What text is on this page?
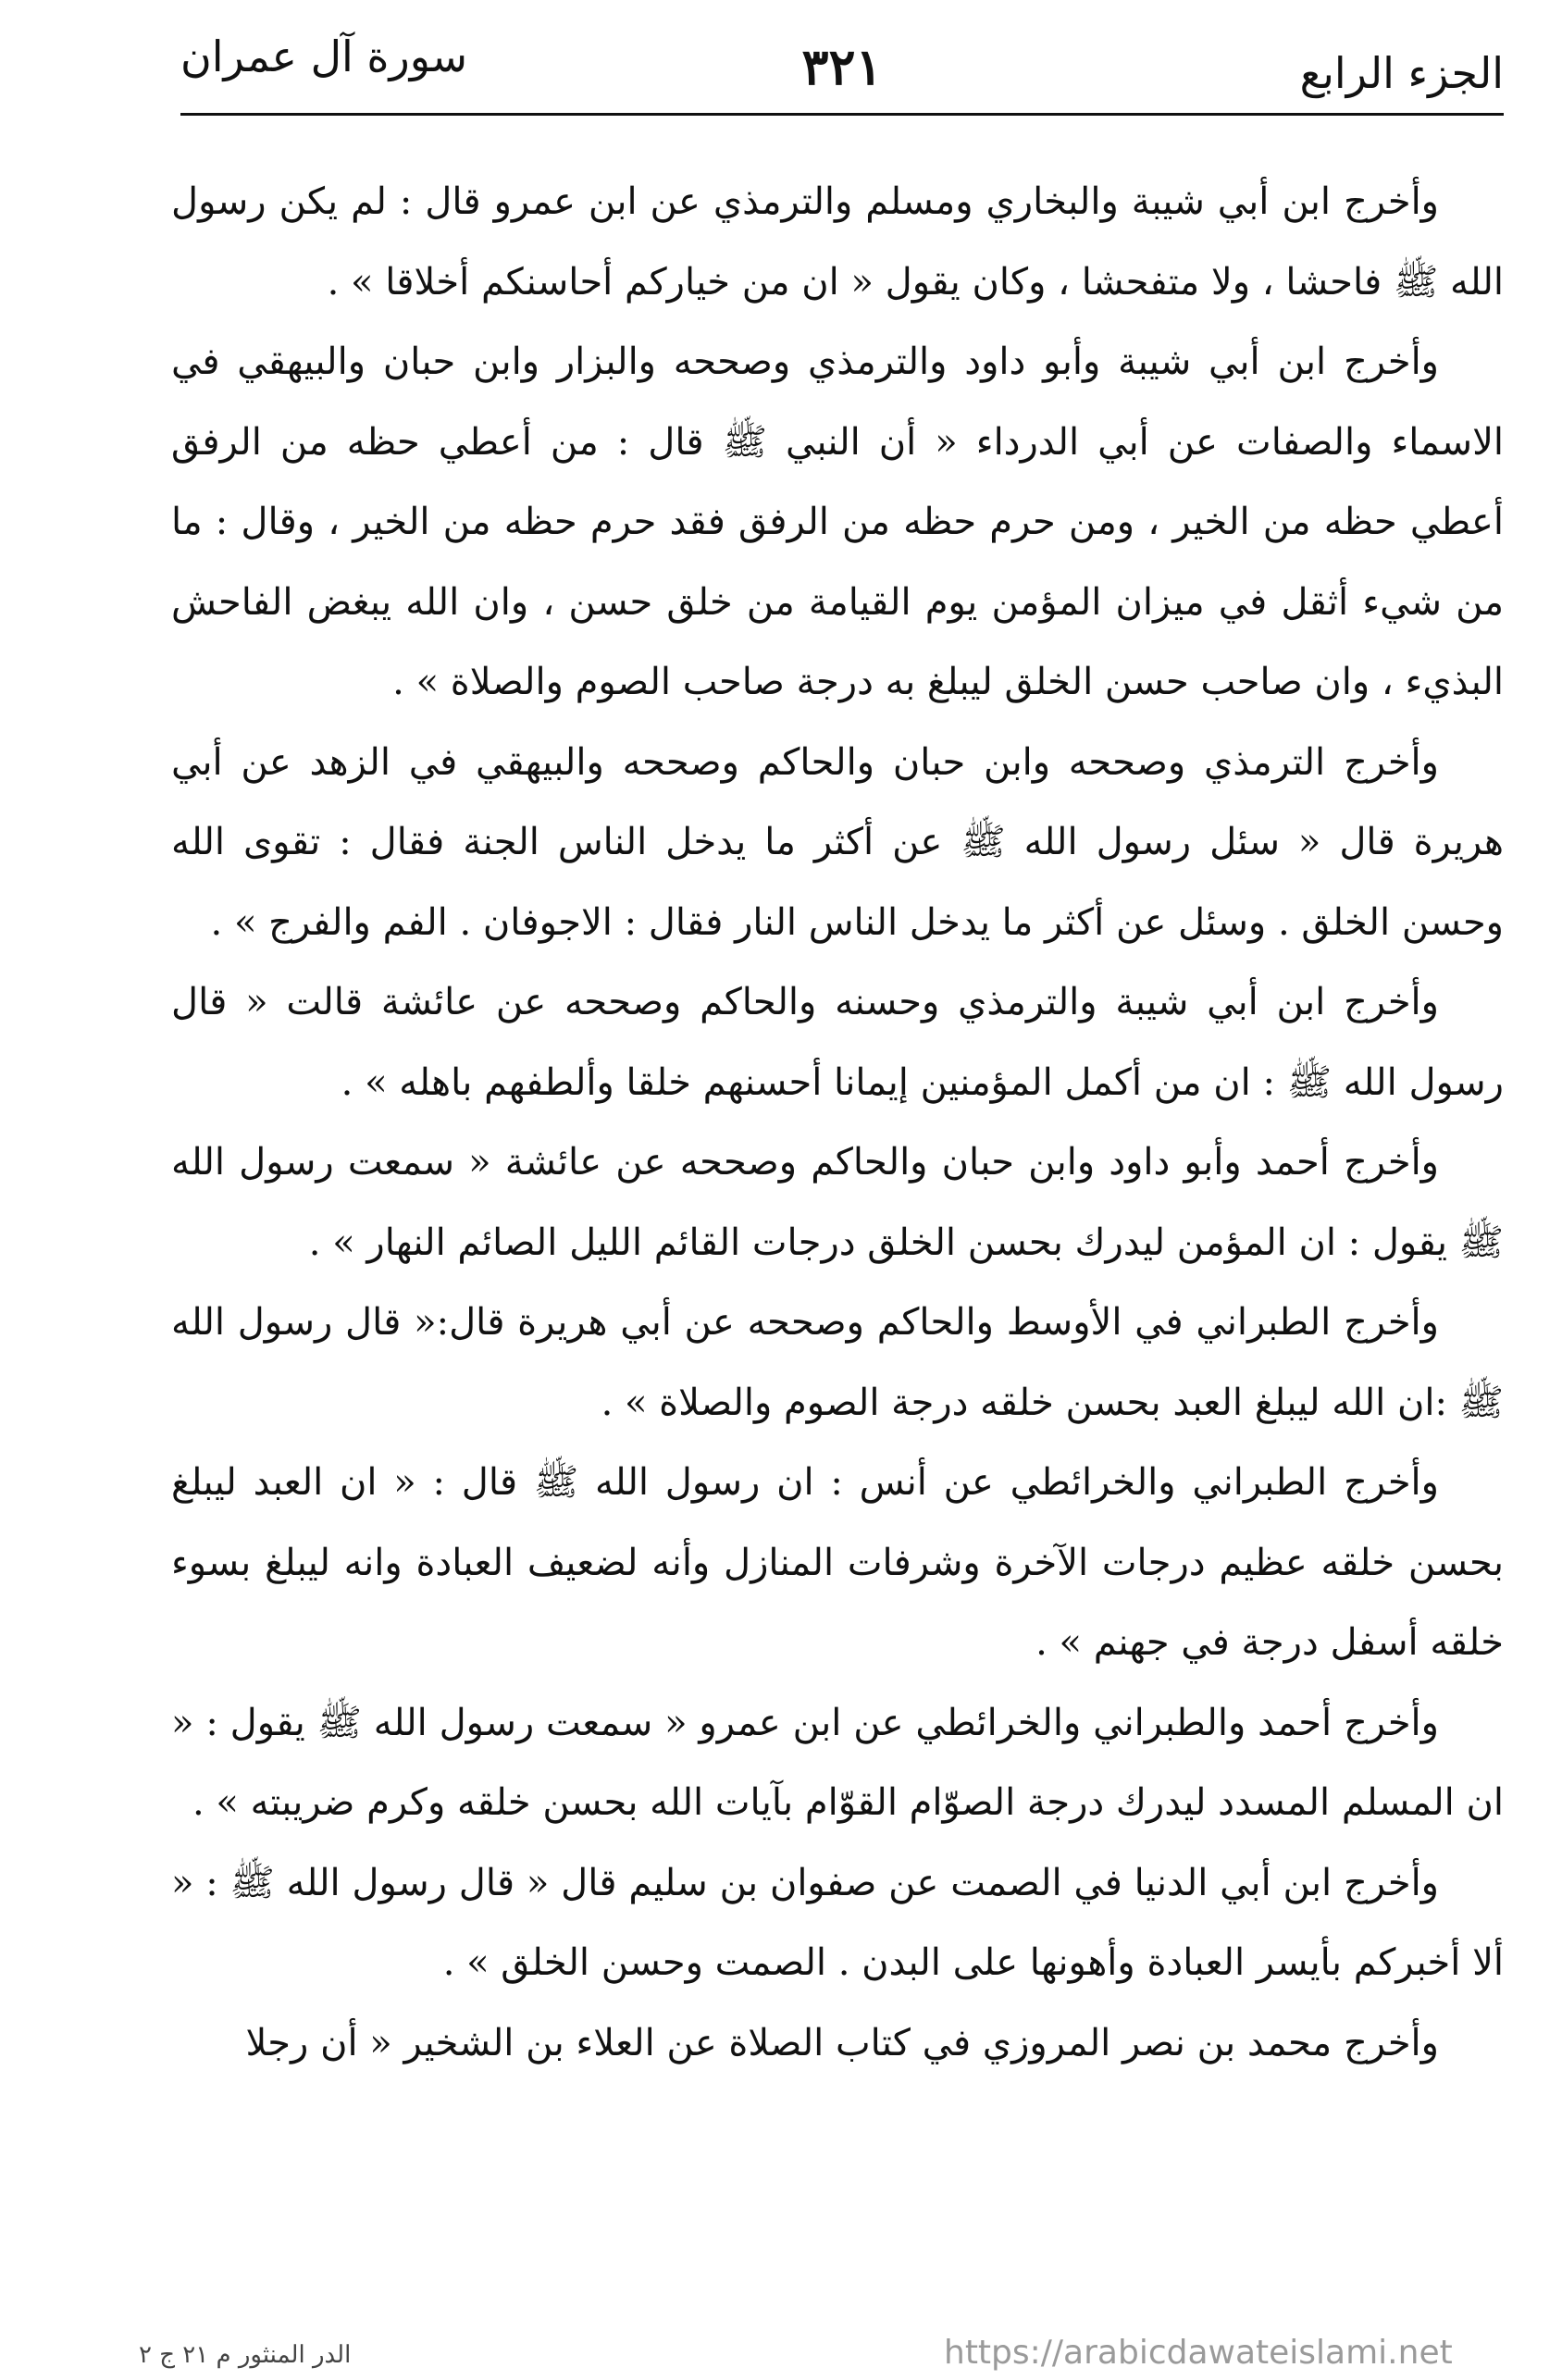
الجزء الرابع
٣٢١
سورة آل عمران

وأخرج ابن أبي شيبة والبخاري ومسلم والترمذي عن ابن عمرو قال : لم يكن رسول الله ﷺ فاحشا ، ولا متفحشا ، وكان يقول « ان من خياركم أحاسنكم أخلاقا » .

وأخرج ابن أبي شيبة وأبو داود والترمذي وصححه والبزار وابن حبان والبيهقي في الاسماء والصفات عن أبي الدرداء « أن النبي ﷺ قال : من أعطي حظه من الرفق أعطي حظه من الخير ، ومن حرم حظه من الرفق فقد حرم حظه من الخير ، وقال : ما من شيء أثقل في ميزان المؤمن يوم القيامة من خلق حسن ، وان الله يبغض الفاحش البذيء ، وان صاحب حسن الخلق ليبلغ به درجة صاحب الصوم والصلاة » .

وأخرج الترمذي وصححه وابن حبان والحاكم وصححه والبيهقي في الزهد عن أبي هريرة قال « سئل رسول الله ﷺ عن أكثر ما يدخل الناس الجنة فقال : تقوى الله وحسن الخلق . وسئل عن أكثر ما يدخل الناس النار فقال : الاجوفان . الفم والفرج » .

وأخرج ابن أبي شيبة والترمذي وحسنه والحاكم وصححه عن عائشة قالت « قال رسول الله ﷺ : ان من أكمل المؤمنين إيمانا أحسنهم خلقا وألطفهم باهله » .

وأخرج أحمد وأبو داود وابن حبان والحاكم وصححه عن عائشة « سمعت رسول الله ﷺ يقول : ان المؤمن ليدرك بحسن الخلق درجات القائم الليل الصائم النهار » .

وأخرج الطبراني في الأوسط والحاكم وصححه عن أبي هريرة قال:« قال رسول الله ﷺ :ان الله ليبلغ العبد بحسن خلقه درجة الصوم والصلاة » .

وأخرج الطبراني والخرائطي عن أنس : ان رسول الله ﷺ قال : « ان العبد ليبلغ بحسن خلقه عظيم درجات الآخرة وشرفات المنازل وأنه لضعيف العبادة وانه ليبلغ بسوء خلقه أسفل درجة في جهنم » .

وأخرج أحمد والطبراني والخرائطي عن ابن عمرو « سمعت رسول الله ﷺ يقول : « ان المسلم المسدد ليدرك درجة الصوّام القوّام بآيات الله بحسن خلقه وكرم ضريبته » .

وأخرج ابن أبي الدنيا في الصمت عن صفوان بن سليم قال « قال رسول الله ﷺ : « ألا أخبركم بأيسر العبادة وأهونها على البدن . الصمت وحسن الخلق » .

وأخرج محمد بن نصر المروزي في كتاب الصلاة عن العلاء بن الشخير « أن رجلا

الدر المنثور م ٢١ ج ٢	https://arabicdawateislami.net
